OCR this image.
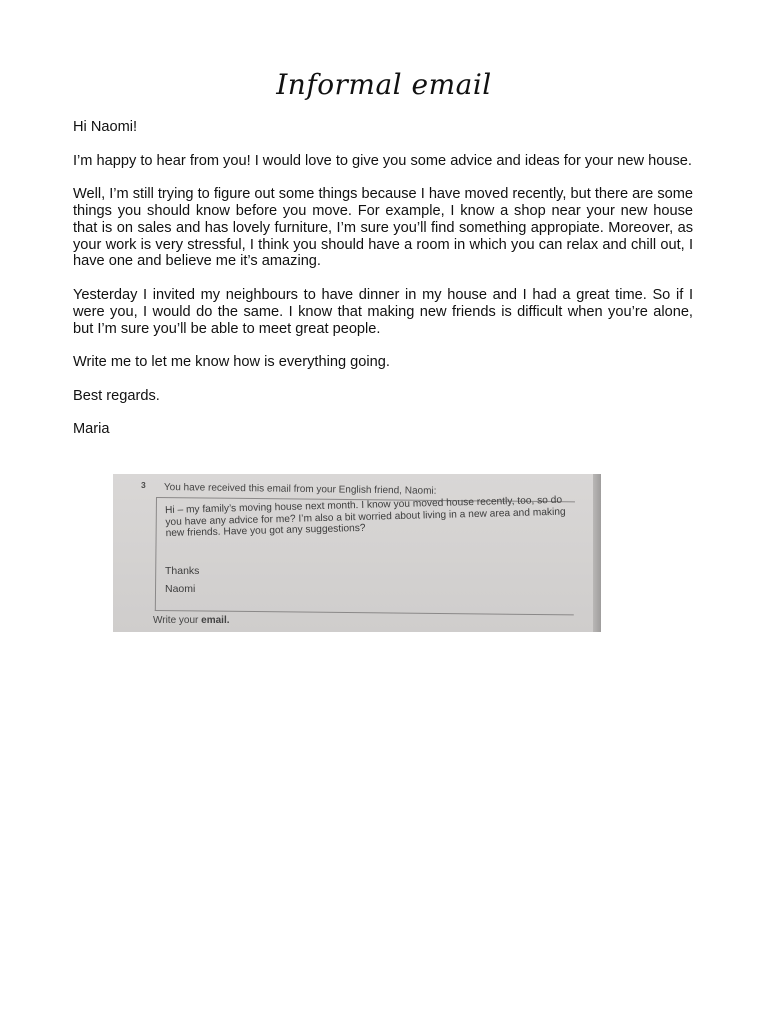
Informal email

Hi Naomi!

I’m happy to hear from you! I would love to give you some advice and ideas for your new house.

Well, I’m still trying to figure out some things because I have moved recently, but there are some things you should know before you move. For example, I know a shop near your new house that is on sales and has lovely furniture, I’m sure you’ll find something appropiate. Moreover, as your work is very stressful, I think you should have a room in which you can relax and chill out, I have one and believe me it’s amazing.

Yesterday I invited my neighbours to have dinner in my house and I had a great time. So if I were you, I would do the same. I know that making new friends is difficult when you’re alone, but I’m sure you’ll be able to meet great people.

Write me to let me know how is everything going.

Best regards.

Maria

3 You have received this email from your English friend, Naomi:

Hi – my family’s moving house next month. I know you moved house recently, too, so do you have any advice for me? I’m also a bit worried about living in a new area and making new friends. Have you got any suggestions?

Thanks
Naomi
Write your email.
